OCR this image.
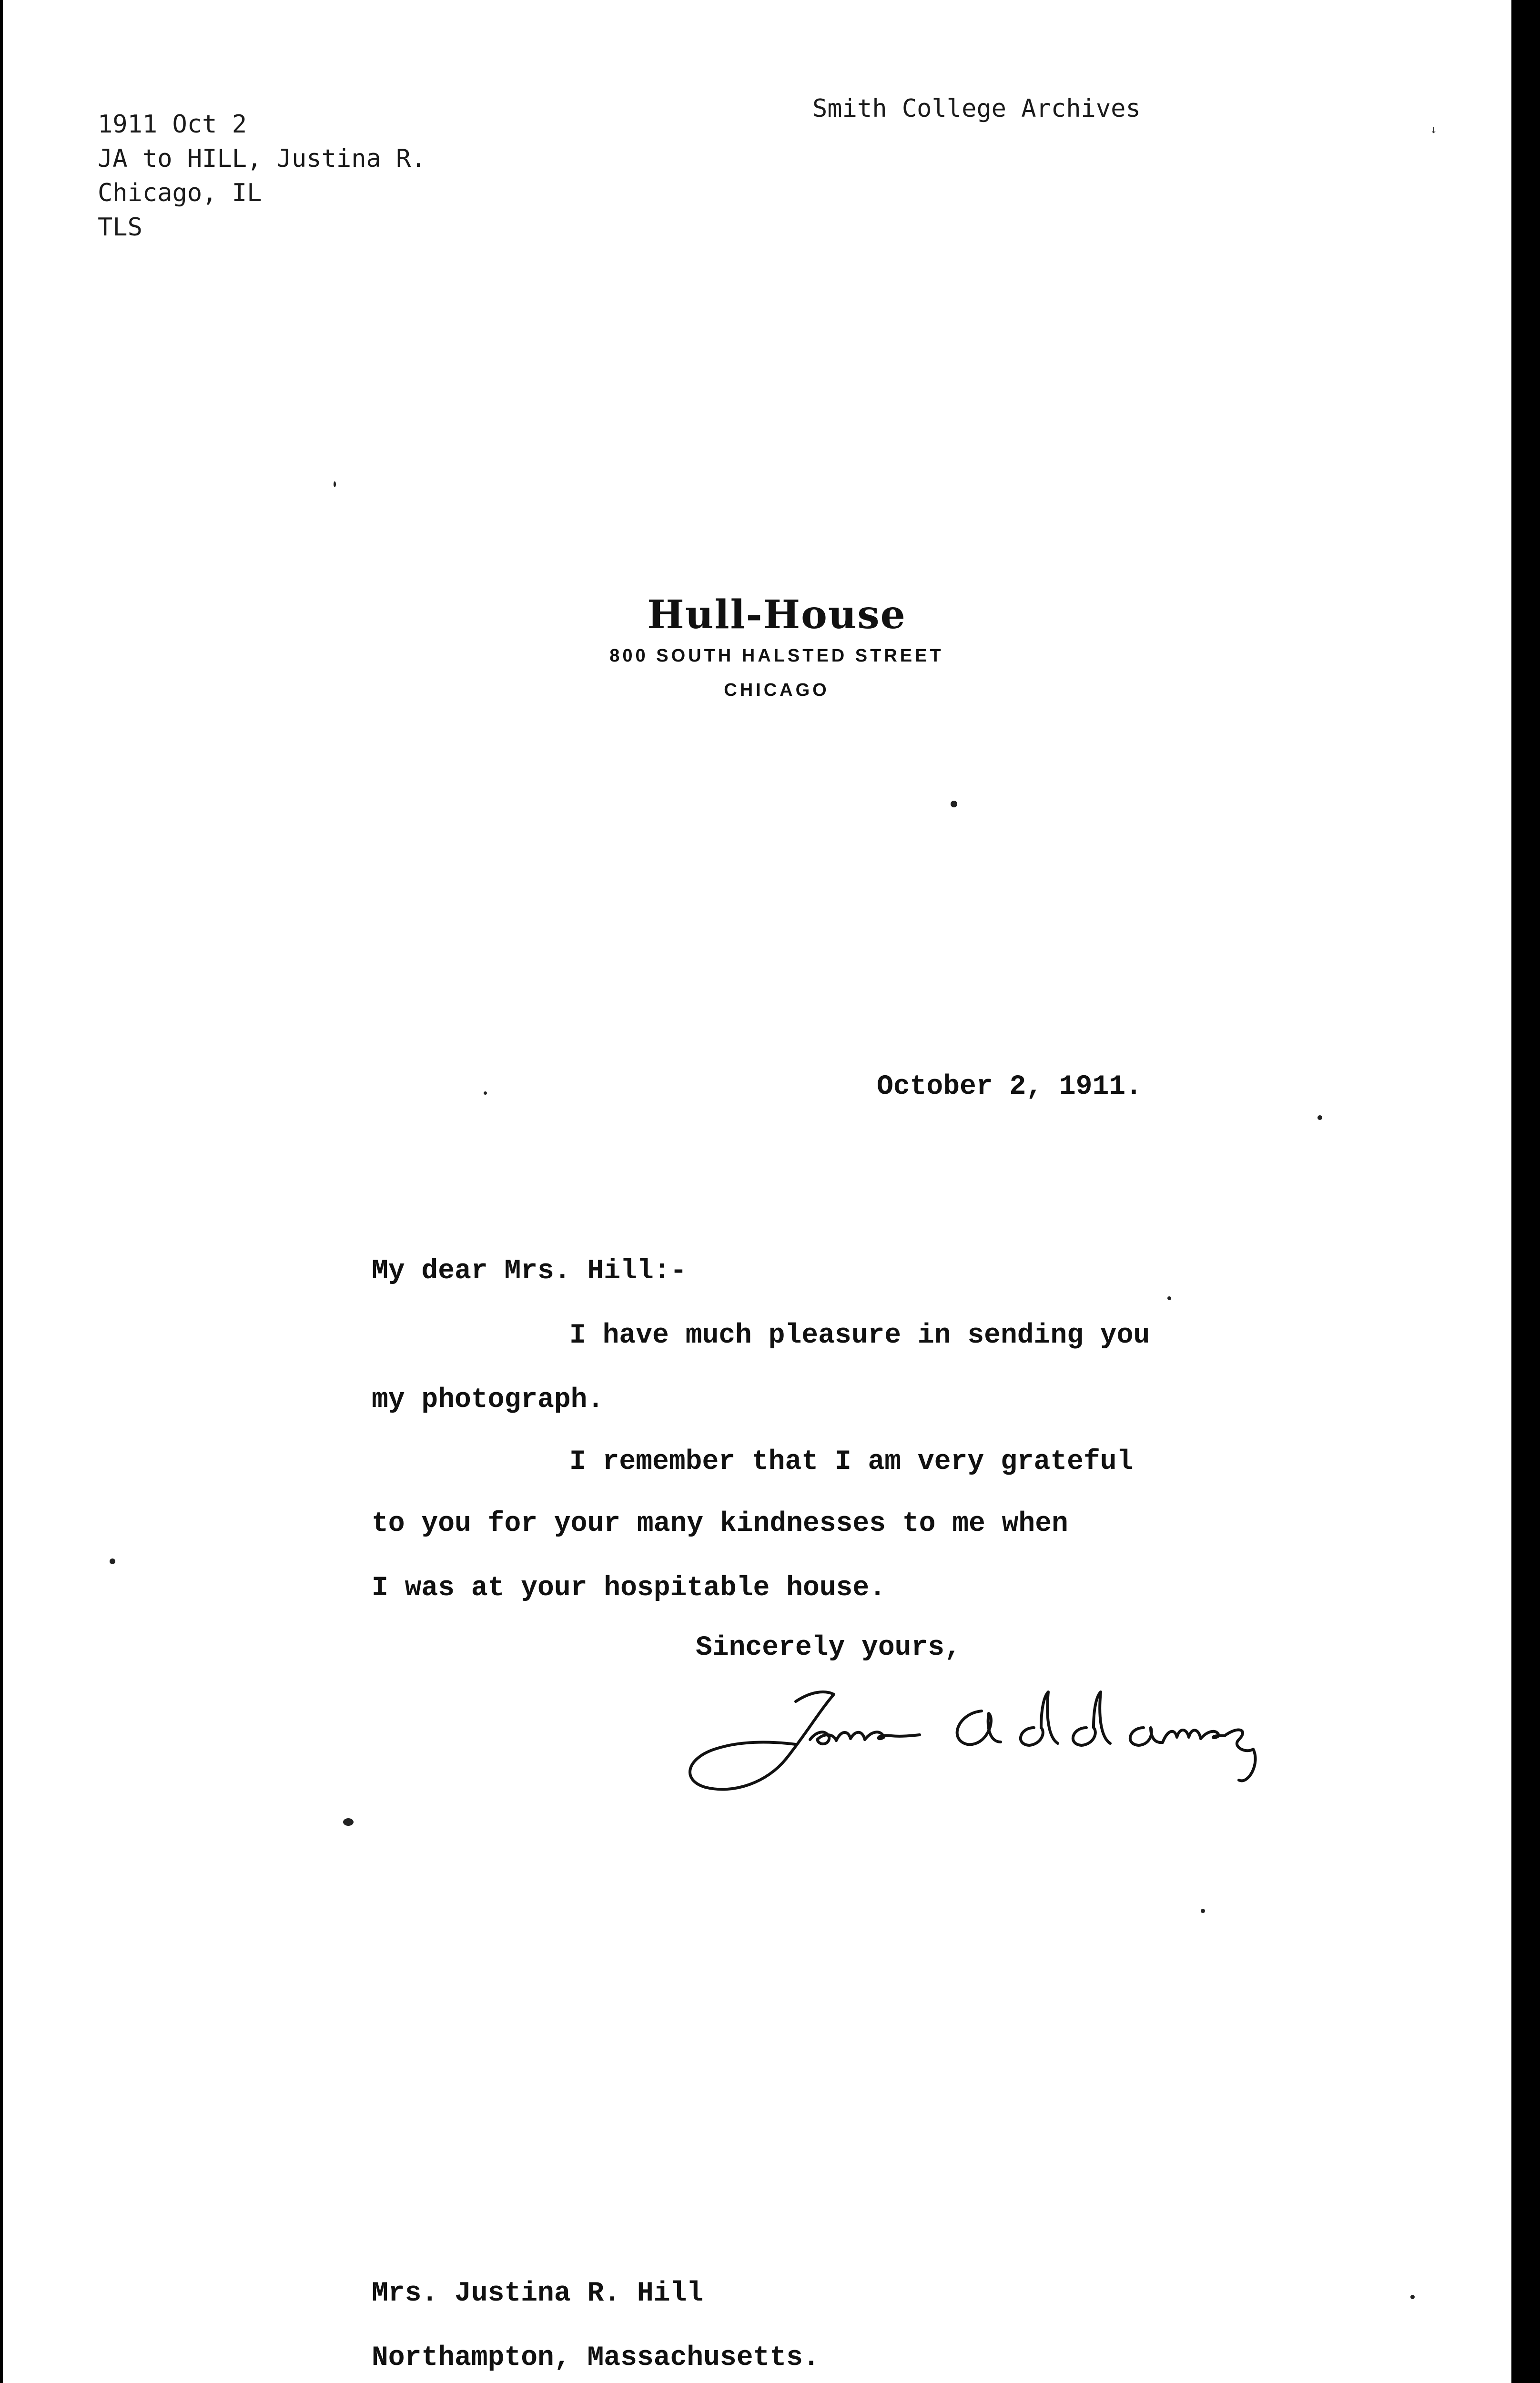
1911 Oct 2
JA to HILL, Justina R.
Chicago, IL
TLS
Smith College Archives
ꜜ
Hull-House
800 SOUTH HALSTED STREET
CHICAGO
October 2, 1911.
My dear Mrs. Hill:-
I have much pleasure in sending you
my photograph.
I remember that I am very grateful
to you for your many kindnesses to me when
I was at your hospitable house.
Sincerely yours,
Mrs. Justina R. Hill
Northampton, Massachusetts.
